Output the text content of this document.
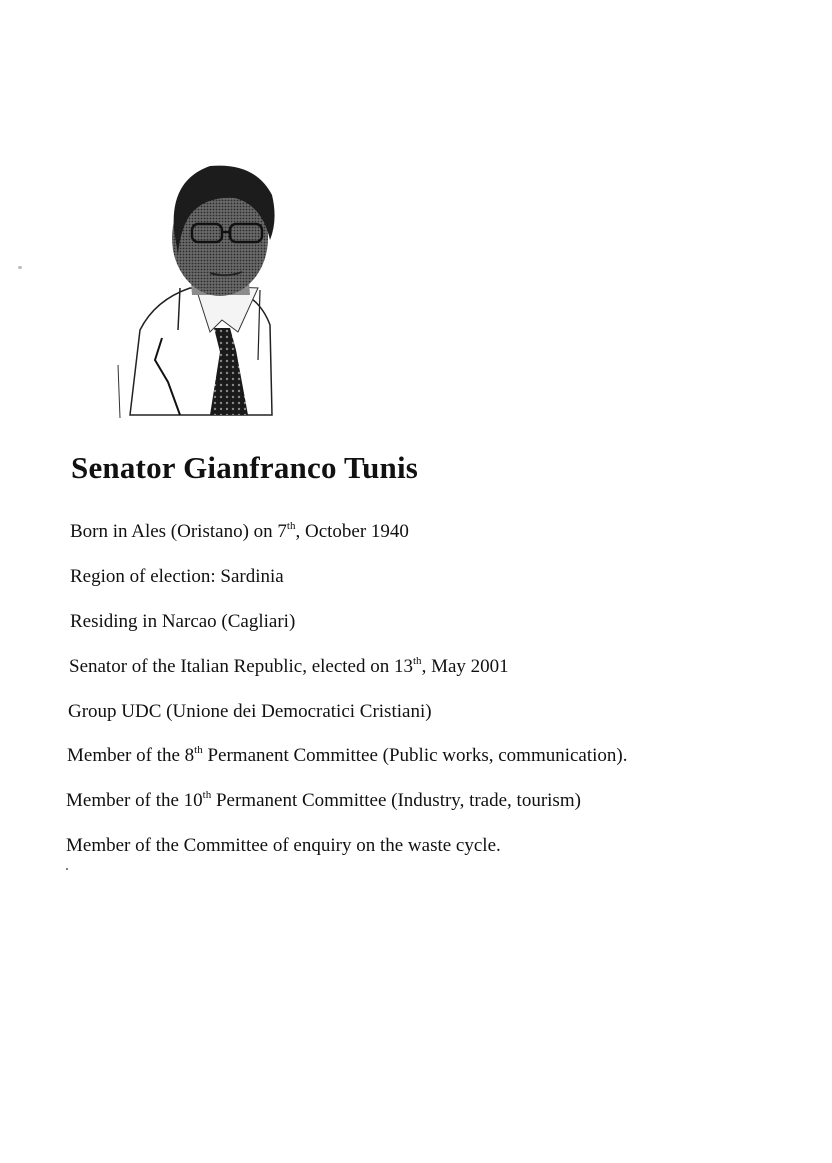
Senator Gianfranco Tunis

Born in Ales (Oristano) on 7th, October 1940

Region of election: Sardinia

Residing in Narcao (Cagliari)

Senator of the Italian Republic, elected on 13th, May 2001

Group UDC (Unione dei Democratici Cristiani)

Member of the 8th Permanent Committee (Public works, communication).

Member of the 10th Permanent Committee (Industry, trade, tourism)

Member of the Committee of enquiry on the waste cycle.
